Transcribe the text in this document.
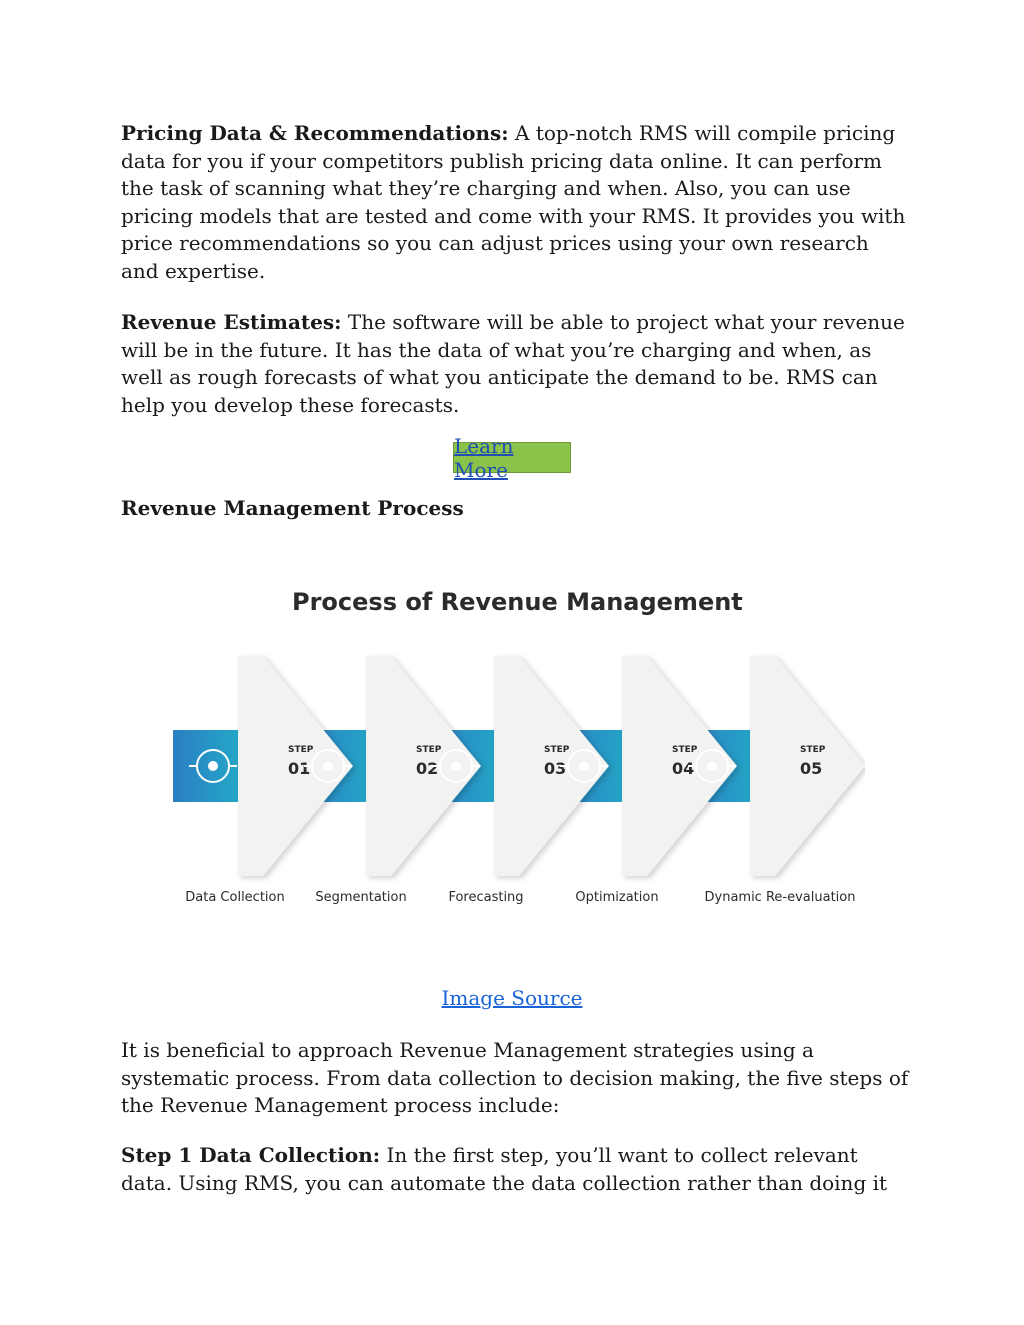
Pricing Data & Recommendations: A top-notch RMS will compile pricing data for you if your competitors publish pricing data online. It can perform the task of scanning what they’re charging and when. Also, you can use pricing models that are tested and come with your RMS. It provides you with price recommendations so you can adjust prices using your own research and expertise.

Revenue Estimates: The software will be able to project what your revenue will be in the future. It has the data of what you’re charging and when, as well as rough forecasts of what you anticipate the demand to be. RMS can help you develop these forecasts.

Learn More

Revenue Management Process

Process of Revenue Management
STEP
01
Data Collection
STEP
02
Segmentation
STEP
03
Forecasting
STEP
04
Optimization
STEP
05
Dynamic Re-evaluation
Image Source

It is beneficial to approach Revenue Management strategies using a systematic process. From data collection to decision making, the five steps of the Revenue Management process include:

Step 1 Data Collection: In the first step, you’ll want to collect relevant data. Using RMS, you can automate the data collection rather than doing it
